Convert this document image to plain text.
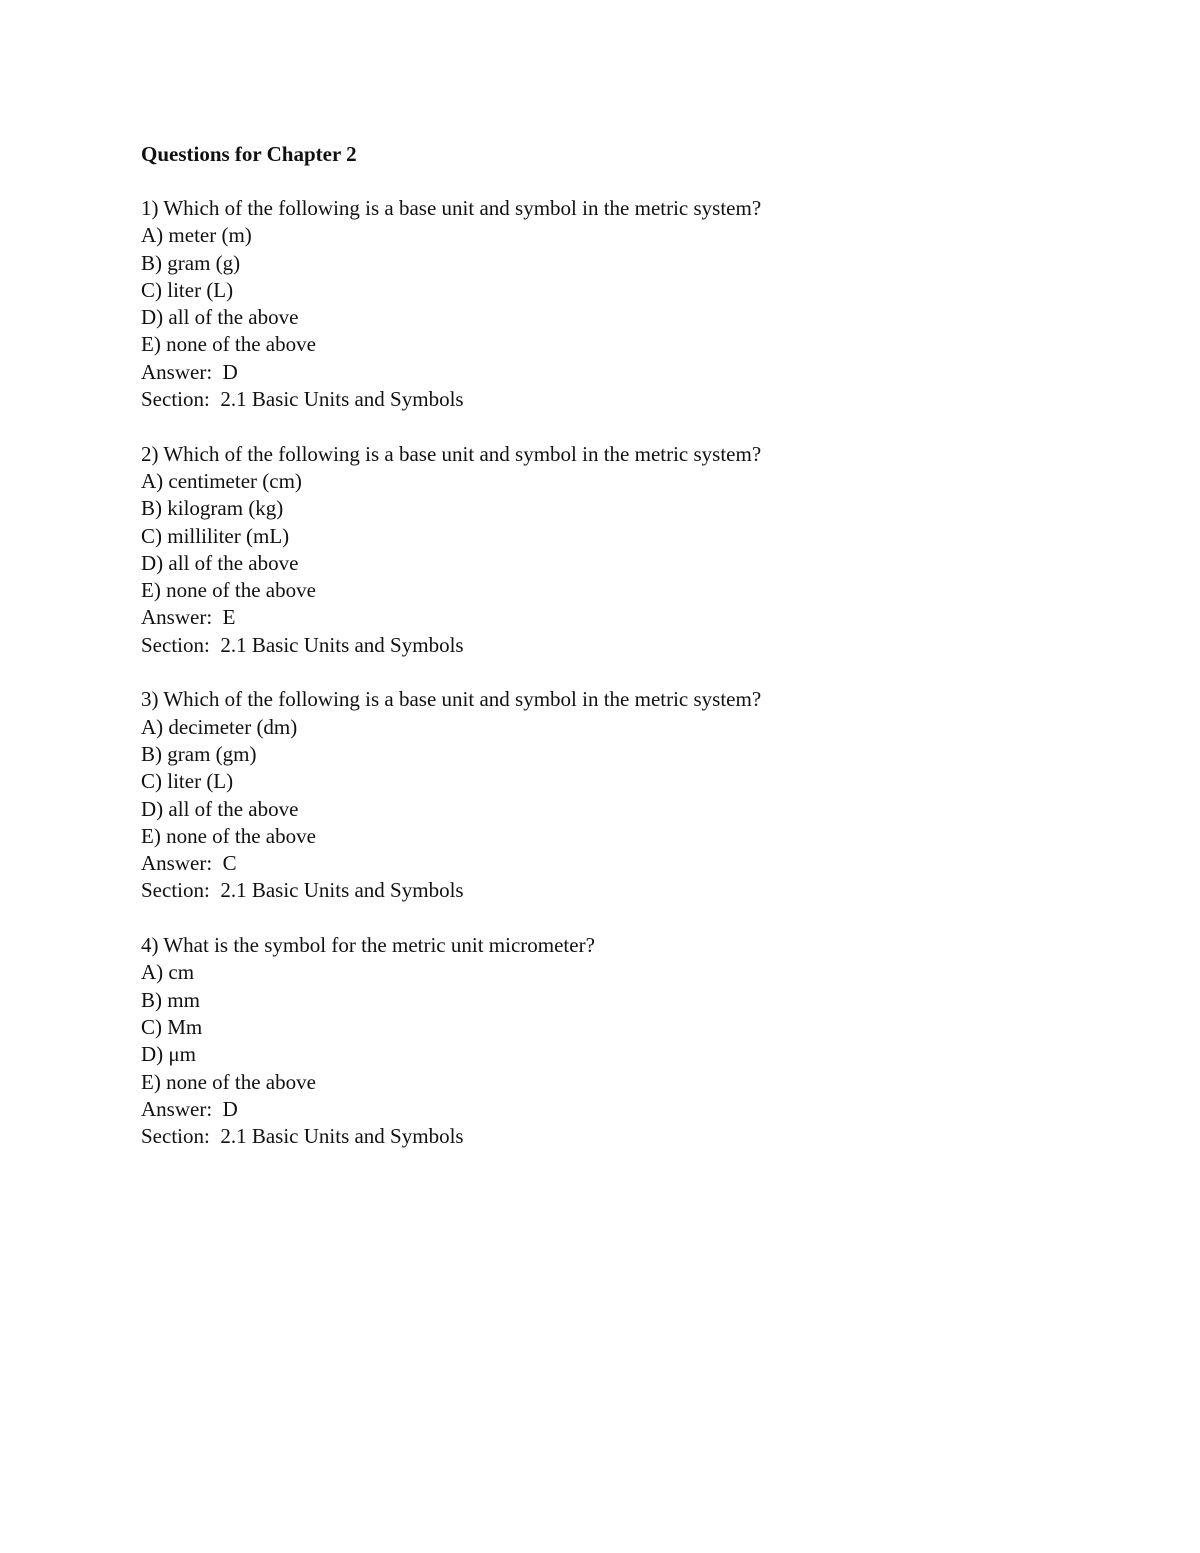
Questions for Chapter 2
1) Which of the following is a base unit and symbol in the metric system?
A) meter (m)
B) gram (g)
C) liter (L)
D) all of the above
E) none of the above
Answer:  D
Section:  2.1 Basic Units and Symbols
2) Which of the following is a base unit and symbol in the metric system?
A) centimeter (cm)
B) kilogram (kg)
C) milliliter (mL)
D) all of the above
E) none of the above
Answer:  E
Section:  2.1 Basic Units and Symbols
3) Which of the following is a base unit and symbol in the metric system?
A) decimeter (dm)
B) gram (gm)
C) liter (L)
D) all of the above
E) none of the above
Answer:  C
Section:  2.1 Basic Units and Symbols
4) What is the symbol for the metric unit micrometer?
A) cm
B) mm
C) Mm
D) μm
E) none of the above
Answer:  D
Section:  2.1 Basic Units and Symbols
